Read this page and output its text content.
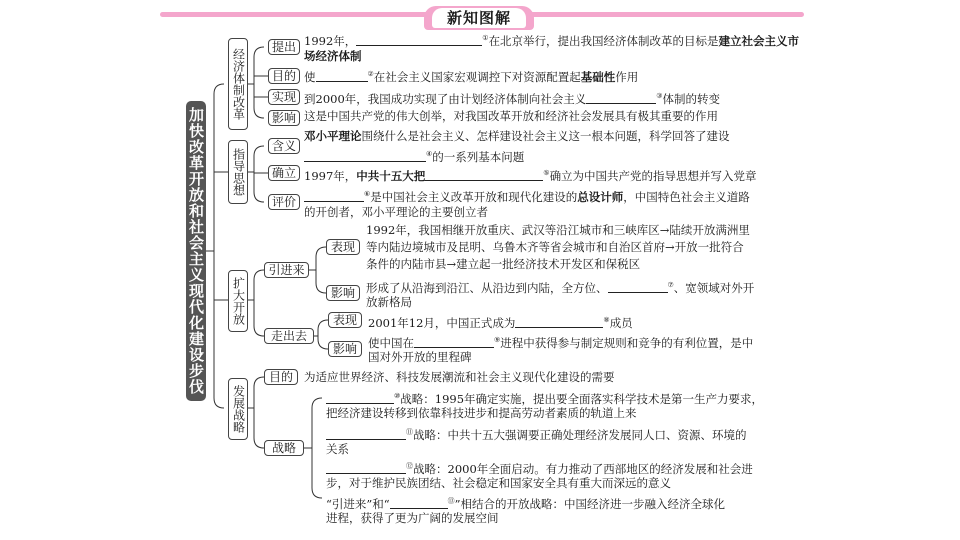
新知图解
加快改革开放和社会主义现代化建设步伐
经济体制改革
提出 1992年，	①在北京举行，提出我国经济体制改革的目标是建立社会主义市
场经济体制
目的 使	②在社会主义国家宏观调控下对资源配置起基础性作用
实现 到2000年，我国成功实现了由计划经济体制向社会主义	③体制的转变
影响 这是中国共产党的伟大创举，对我国改革开放和经济社会发展具有极其重要的作用
指导思想
含义
邓小平理论围绕什么是社会主义、怎样建设社会主义这一根本问题，科学回答了建设
④的一系列基本问题
确立 1997年，中共十五大把	⑤确立为中国共产党的指导思想并写入党章
评价
⑥是中国社会主义改革开放和现代化建设的总设计师，中国特色社会主义道路
的开创者，邓小平理论的主要创立者
扩大开放
引进来
表现
1992年，我国相继开放重庆、武汉等沿江城市和三峡库区→陆续开放满洲里
等内陆边境城市及昆明、乌鲁木齐等省会城市和自治区首府→开放一批符合
条件的内陆市县→建立起一批经济技术开发区和保税区
影响 形成了从沿海到沿江、从沿边到内陆，全方位、	⑦、宽领域对外开
放新格局
走出去
表现 2001年12月，中国正式成为	⑧成员
影响 使中国在	⑨进程中获得参与制定规则和竞争的有利位置，是中
国对外开放的里程碑
发展战略
目的 为适应世界经济、科技发展潮流和社会主义现代化建设的需要
战略
⑩战略：1995年确定实施，提出要全面落实科学技术是第一生产力要求，
把经济建设转移到依靠科技进步和提高劳动者素质的轨道上来
⑪战略：中共十五大强调要正确处理经济发展同人口、资源、环境的
关系
⑫战略：2000年全面启动。有力推动了西部地区的经济发展和社会进
步，对于维护民族团结、社会稳定和国家安全具有重大而深远的意义
“引进来”和“	⑬”相结合的开放战略：中国经济进一步融入经济全球化
进程，获得了更为广阔的发展空间
